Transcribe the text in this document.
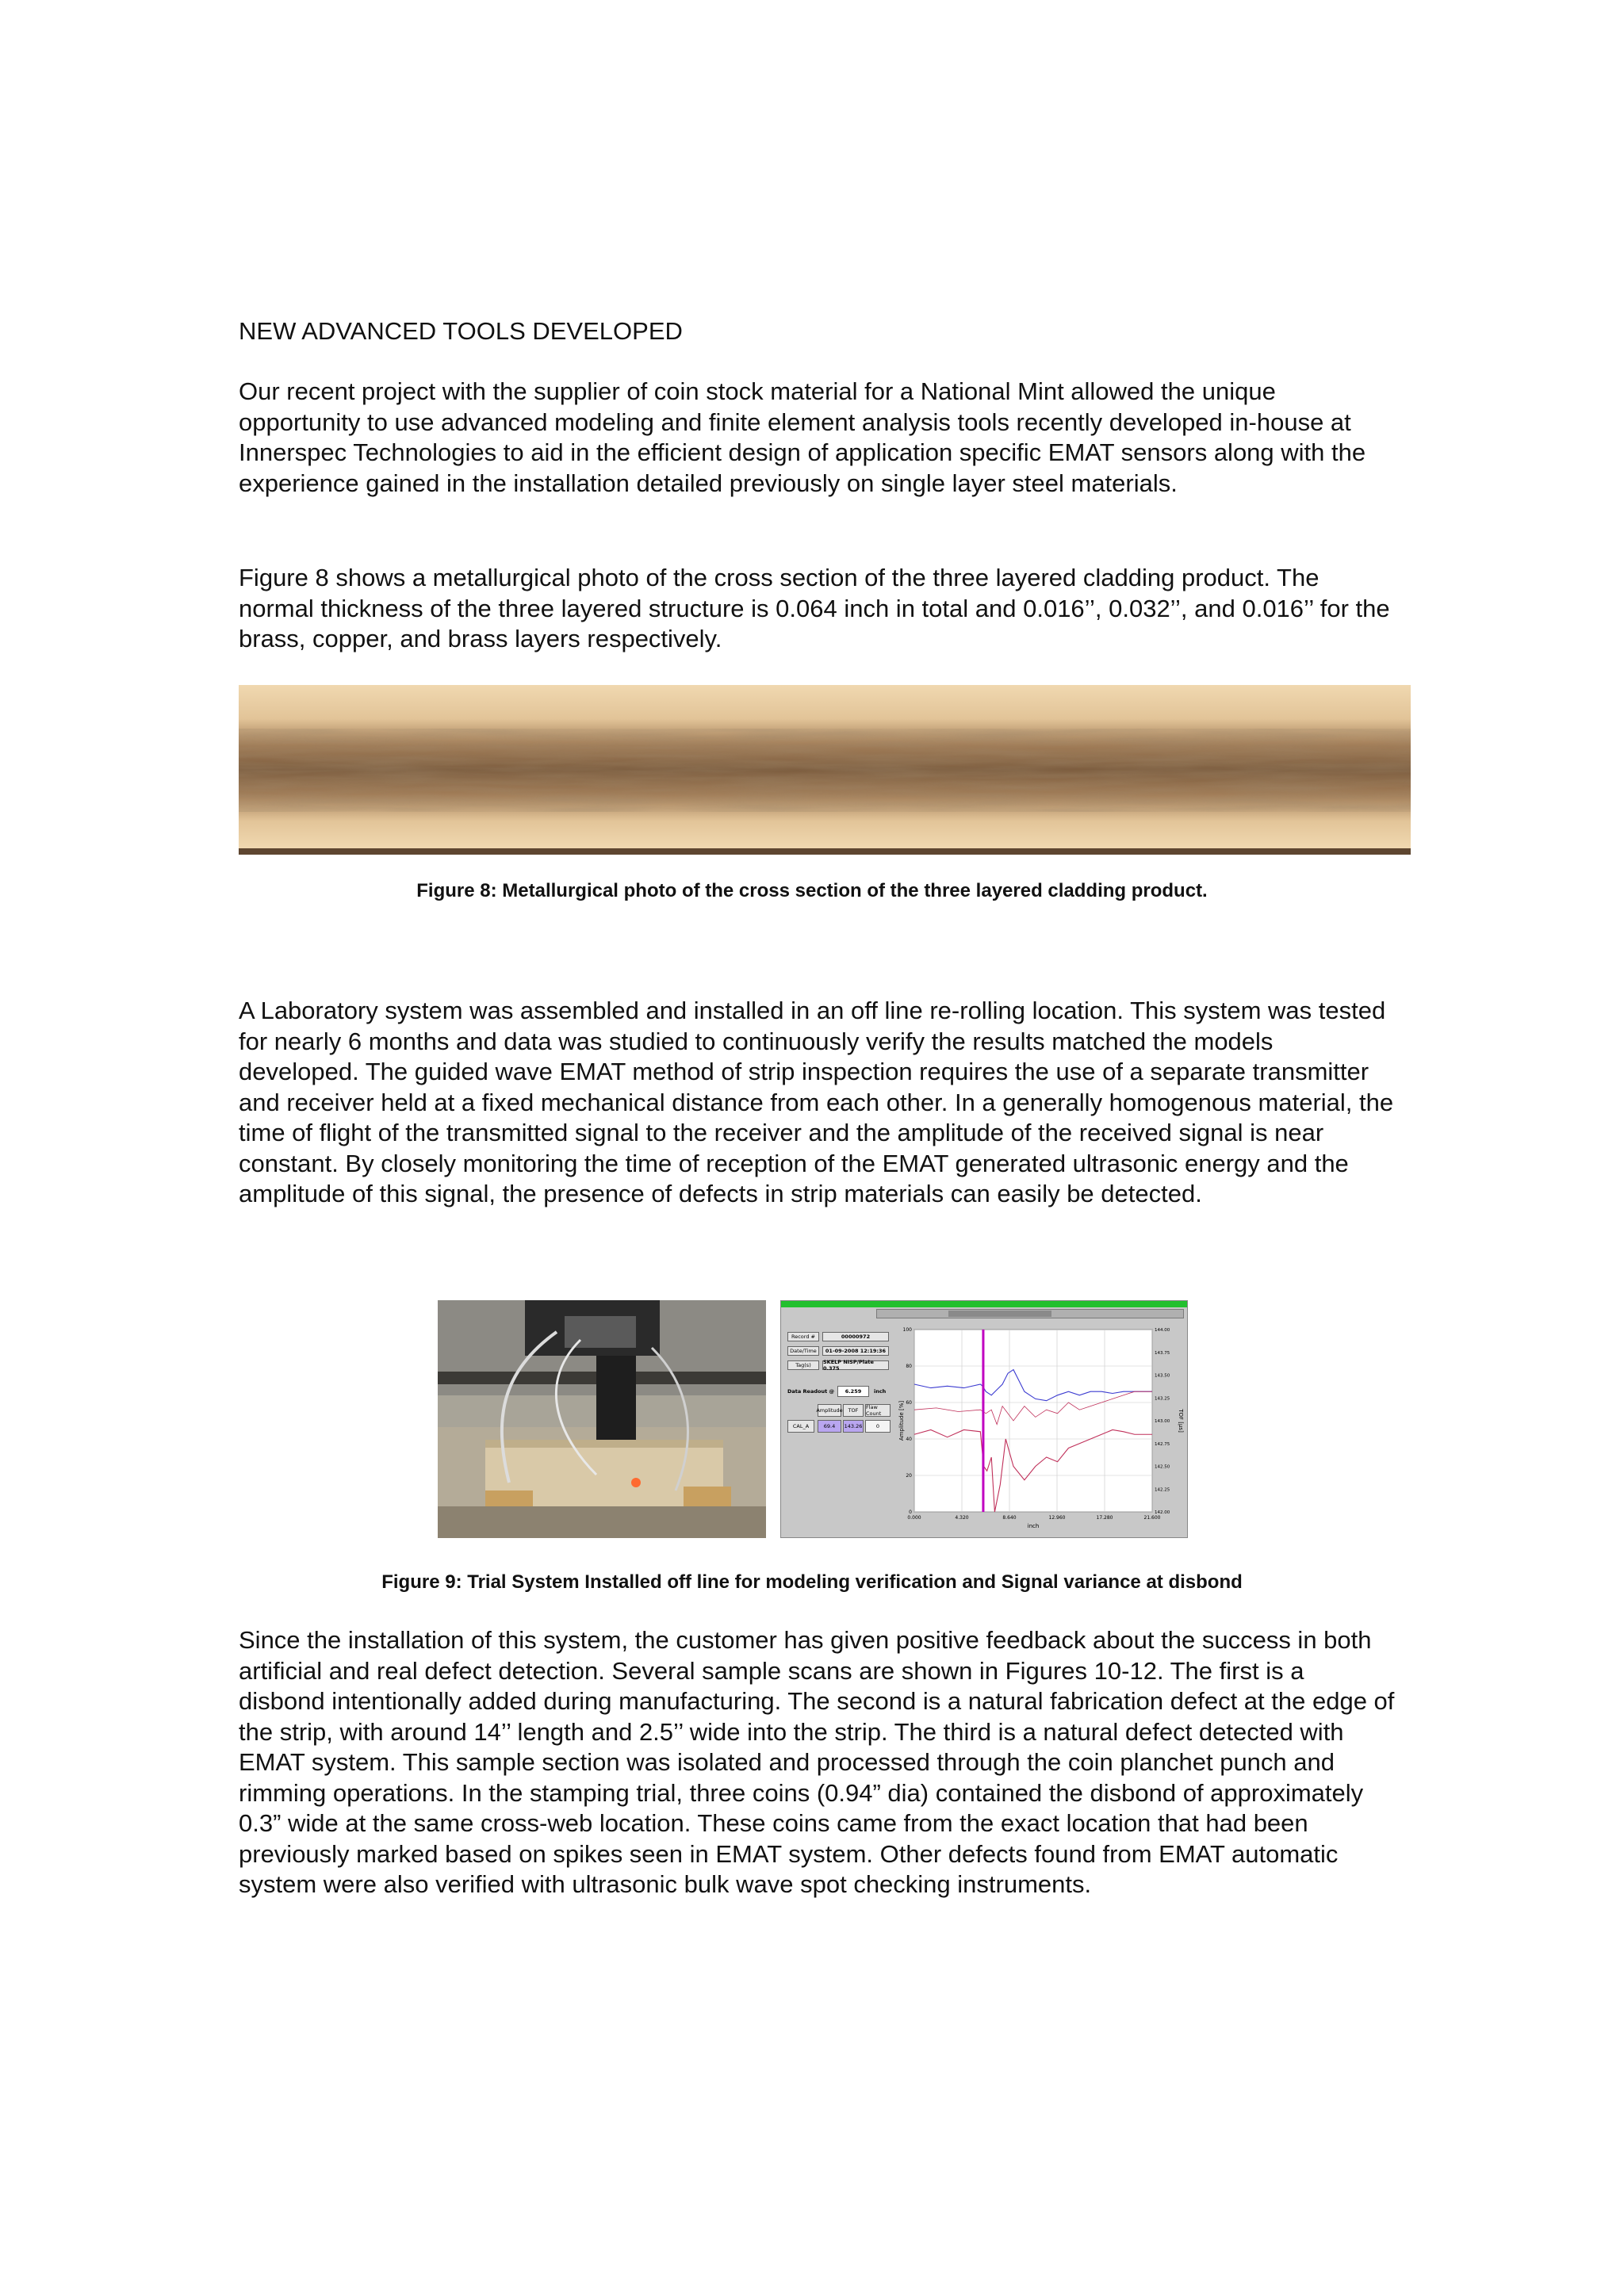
NEW ADVANCED TOOLS DEVELOPED

Our recent project with the supplier of coin stock material for a National Mint allowed the unique opportunity to use advanced modeling and finite element analysis tools recently developed in-house at Innerspec Technologies to aid in the efficient design of application specific EMAT sensors along with the experience gained in the installation detailed previously on single layer steel materials.

Figure 8 shows a metallurgical photo of the cross section of the three layered cladding product. The normal thickness of the three layered structure is 0.064 inch in total and 0.016’’, 0.032’’, and 0.016’’ for the brass, copper, and brass layers respectively.

Figure 8: Metallurgical photo of the cross section of the three layered cladding product.

A Laboratory system was assembled and installed in an off line re-rolling location. This system was tested for nearly 6 months and data was studied to continuously verify the results matched the models developed. The guided wave EMAT method of strip inspection requires the use of a separate transmitter and receiver held at a fixed mechanical distance from each other. In a generally homogenous material, the time of flight of the transmitted signal to the receiver and the amplitude of the received signal is near constant. By closely monitoring the time of reception of the EMAT generated ultrasonic energy and the amplitude of this signal, the presence of defects in strip materials can easily be detected.

Record #	00000972
Date/Time	01-09-2008 12:19:36
Tag(s)	SKELP NISP/Plate 0.375
Data Readout @	6.259	inch
Amplitude	TOF	Flaw Count
CAL_A	69.4	143.26	0
0.000	4.320	8.640	12.960	17.280	21.600
0
20
40
60
80
100
142.00
142.25
142.50
142.75
143.00
143.25
143.50
143.75
144.00
inch
Amplitude [%]	TOF [µs]

Figure 9: Trial System Installed off line for modeling verification and Signal variance at disbond

Since the installation of this system, the customer has given positive feedback about the success in both artificial and real defect detection. Several sample scans are shown in Figures 10-12. The first is a disbond intentionally added during manufacturing. The second is a natural fabrication defect at the edge of the strip, with around 14’’ length and 2.5’’ wide into the strip. The third is a natural defect detected with EMAT system. This sample section was isolated and processed through the coin planchet punch and rimming operations. In the stamping trial, three coins (0.94” dia) contained the disbond of approximately 0.3” wide at the same cross-web location. These coins came from the exact location that had been previously marked based on spikes seen in EMAT system. Other defects found from EMAT automatic system were also verified with ultrasonic bulk wave spot checking instruments.
